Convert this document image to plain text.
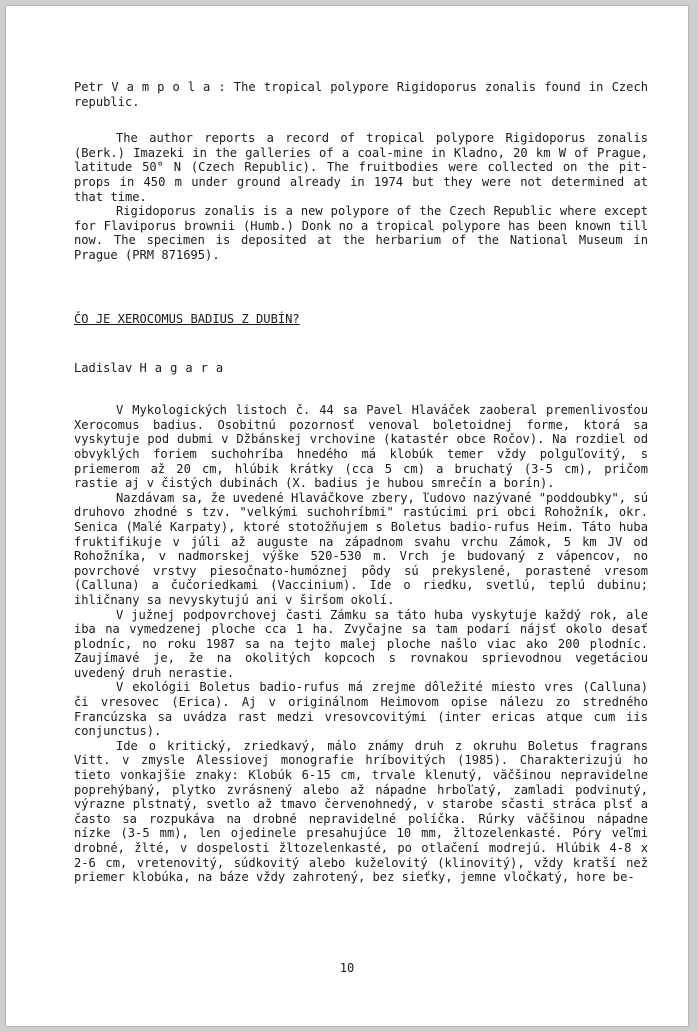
Petr Vampola: The tropical polypore Rigidoporus zonalis found in Czech republic.

The author reports a record of tropical polypore Rigidoporus zonalis (Berk.) Imazeki in the galleries of a coal-mine in Kladno, 20 km W of Prague, latitude 50° N (Czech Republic). The fruitbodies were collected on the pit-props in 450 m under ground already in 1974 but they were not determined at that time.

Rigidoporus zonalis is a new polypore of the Czech Republic where except for Flaviporus brownii (Humb.) Donk no a tropical polypore has been known till now. The specimen is deposited at the herbarium of the National Museum in Prague (PRM 871695).

ČO JE XEROCOMUS BADIUS Z DUBÍN?

Ladislav Hagara

V Mykologických listoch č. 44 sa Pavel Hlaváček zaoberal premenlivosťou Xerocomus badius. Osobitnú pozornosť venoval boletoidnej forme, ktorá sa vyskytuje pod dubmi v Džbánskej vrchovine (katastér obce Ročov). Na rozdiel od obvyklých foriem suchohríba hnedého má klobúk temer vždy polguľovitý, s priemerom až 20 cm, hlúbik krátky (cca 5 cm) a bruchatý (3-5 cm), pričom rastie aj v čistých dubinách (X. badius je hubou smrečín a borín).

Nazdávam sa, že uvedené Hlaváčkove zbery, ľudovo nazývané "poddoubky", sú druhovo zhodné s tzv. "velkými suchohríbmi" rastúcimi pri obci Rohožník, okr. Senica (Malé Karpaty), ktoré stotožňujem s Boletus badio-rufus Heim. Táto huba fruktifikuje v júli až auguste na západnom svahu vrchu Zámok, 5 km JV od Rohožníka, v nadmorskej výške 520-530 m. Vrch je budovaný z vápencov, no povrchové vrstvy piesočnato-humóznej pôdy sú prekyslené, porastené vresom (Calluna) a čučoriedkami (Vaccinium). Ide o riedku, svetlú, teplú dubinu; ihličnany sa nevyskytujú ani v širšom okolí.

V južnej podpovrchovej časti Zámku sa táto huba vyskytuje každý rok, ale iba na vymedzenej ploche cca 1 ha. Zvyčajne sa tam podarí nájsť okolo desať plodníc, no roku 1987 sa na tejto malej ploche našlo viac ako 200 plodníc. Zaujímavé je, že na okolitých kopcoch s rovnakou sprievodnou vegetáciou uvedený druh nerastie.

V ekológii Boletus badio-rufus má zrejme dôležité miesto vres (Calluna) či vresovec (Erica). Aj v originálnom Heimovom opise nálezu zo stredného Francúzska sa uvádza rast medzi vresovcovitými (inter ericas atque cum iis conjunctus).

Ide o kritický, zriedkavý, málo známy druh z okruhu Boletus fragrans Vitt. v zmysle Alessiovej monografie hríbovitých (1985). Charakterizujú ho tieto vonkajšie znaky: Klobúk 6-15 cm, trvale klenutý, väčšinou nepravidelne poprehýbaný, plytko zvrásnený alebo až nápadne hrboľatý, zamladi podvinutý, výrazne plstnatý, svetlo až tmavo červenohnedý, v starobe sčasti stráca plsť a často sa rozpukáva na drobné nepravidelné políčka. Rúrky väčšinou nápadne nízke (3-5 mm), len ojedinele presahujúce 10 mm, žltozelenkasté. Póry veľmi drobné, žlté, v dospelosti žltozelenkasté, po otlačení modrejú. Hlúbik 4-8 x 2-6 cm, vretenovitý, súdkovitý alebo kuželovitý (klinovitý), vždy kratší než priemer klobúka, na báze vždy zahrotený, bez sieťky, jemne vločkatý, hore be-

10
